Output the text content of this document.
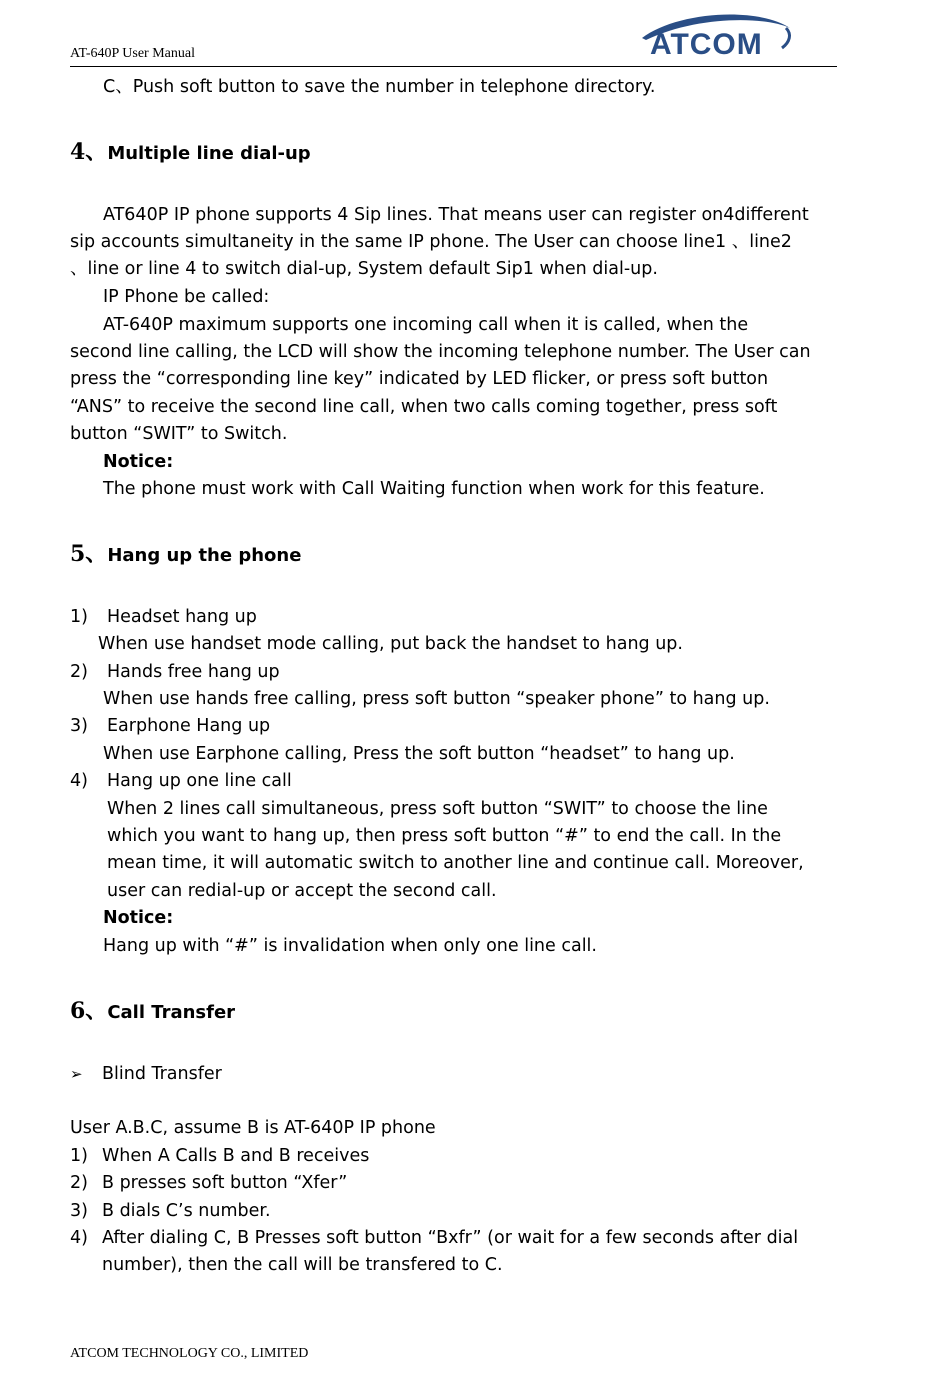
AT-640P User Manual	ATCOM
C、Push soft button to save the number in telephone directory.
4、Multiple line dial-up
AT640P IP phone supports 4 Sip lines. That means user can register on4different
sip accounts simultaneity in the same IP phone. The User can choose line1 、line2
、line or line 4 to switch dial-up, System default Sip1 when dial-up.
IP Phone be called:
AT-640P maximum supports one incoming call when it is called, when the
second line calling, the LCD will show the incoming telephone number. The User can
press the “corresponding line key” indicated by LED flicker, or press soft button
“ANS” to receive the second line call, when two calls coming together, press soft
button “SWIT” to Switch.
Notice:
The phone must work with Call Waiting function when work for this feature.
5、Hang up the phone
1) Headset hang up
When use handset mode calling, put back the handset to hang up.
2) Hands free hang up
When use hands free calling, press soft button “speaker phone” to hang up.
3) Earphone Hang up
When use Earphone calling, Press the soft button “headset” to hang up.
4) Hang up one line call
When 2 lines call simultaneous, press soft button “SWIT” to choose the line
which you want to hang up, then press soft button “#” to end the call. In the
mean time, it will automatic switch to another line and continue call. Moreover,
user can redial-up or accept the second call.
Notice:
Hang up with “#” is invalidation when only one line call.
6、Call Transfer
➢ Blind Transfer
User A.B.C, assume B is AT-640P IP phone
1) When A Calls B and B receives
2) B presses soft button “Xfer”
3) B dials C’s number.
4) After dialing C, B Presses soft button “Bxfr” (or wait for a few seconds after dial
number), then the call will be transfered to C.
ATCOM TECHNOLOGY CO., LIMITED
